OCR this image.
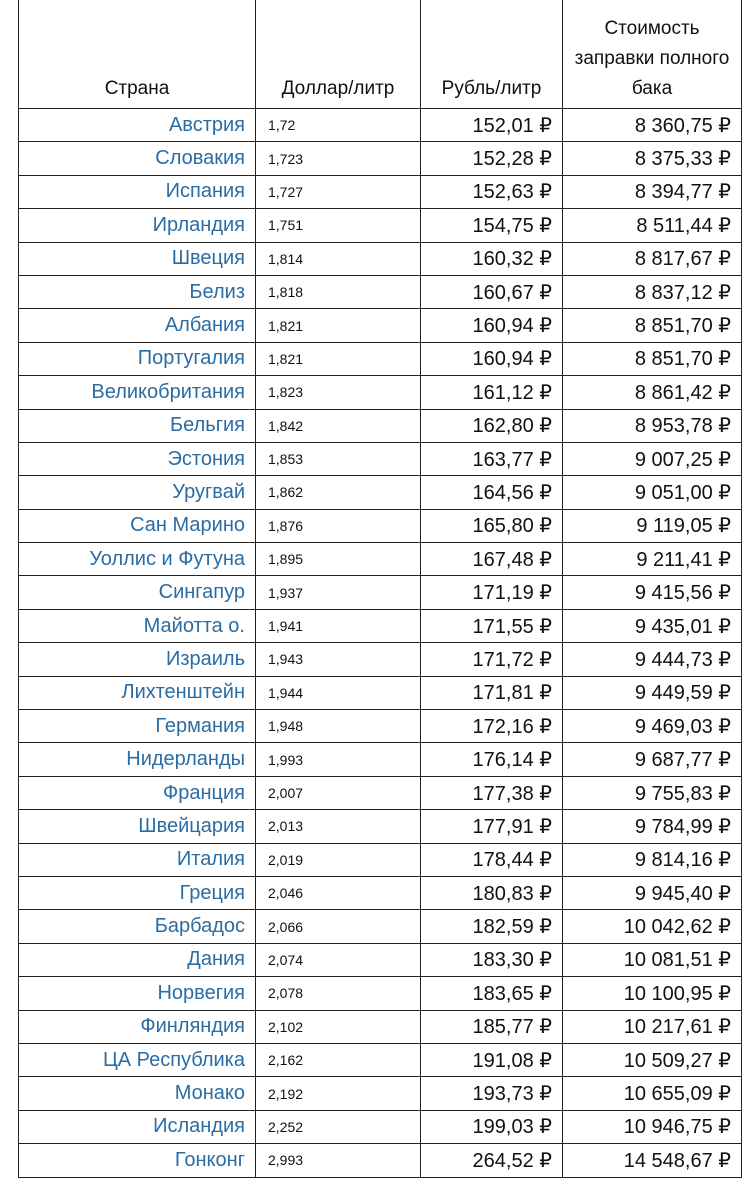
Страна	Доллар/литр	Рубль/литр	Стоимость заправки полного бака
Австрия	1,72	152,01 ₽	8 360,75 ₽
Словакия	1,723	152,28 ₽	8 375,33 ₽
Испания	1,727	152,63 ₽	8 394,77 ₽
Ирландия	1,751	154,75 ₽	8 511,44 ₽
Швеция	1,814	160,32 ₽	8 817,67 ₽
Белиз	1,818	160,67 ₽	8 837,12 ₽
Албания	1,821	160,94 ₽	8 851,70 ₽
Португалия	1,821	160,94 ₽	8 851,70 ₽
Великобритания	1,823	161,12 ₽	8 861,42 ₽
Бельгия	1,842	162,80 ₽	8 953,78 ₽
Эстония	1,853	163,77 ₽	9 007,25 ₽
Уругвай	1,862	164,56 ₽	9 051,00 ₽
Сан Марино	1,876	165,80 ₽	9 119,05 ₽
Уоллис и Футуна	1,895	167,48 ₽	9 211,41 ₽
Сингапур	1,937	171,19 ₽	9 415,56 ₽
Майотта о.	1,941	171,55 ₽	9 435,01 ₽
Израиль	1,943	171,72 ₽	9 444,73 ₽
Лихтенштейн	1,944	171,81 ₽	9 449,59 ₽
Германия	1,948	172,16 ₽	9 469,03 ₽
Нидерланды	1,993	176,14 ₽	9 687,77 ₽
Франция	2,007	177,38 ₽	9 755,83 ₽
Швейцария	2,013	177,91 ₽	9 784,99 ₽
Италия	2,019	178,44 ₽	9 814,16 ₽
Греция	2,046	180,83 ₽	9 945,40 ₽
Барбадос	2,066	182,59 ₽	10 042,62 ₽
Дания	2,074	183,30 ₽	10 081,51 ₽
Норвегия	2,078	183,65 ₽	10 100,95 ₽
Финляндия	2,102	185,77 ₽	10 217,61 ₽
ЦА Республика	2,162	191,08 ₽	10 509,27 ₽
Монако	2,192	193,73 ₽	10 655,09 ₽
Исландия	2,252	199,03 ₽	10 946,75 ₽
Гонконг	2,993	264,52 ₽	14 548,67 ₽
